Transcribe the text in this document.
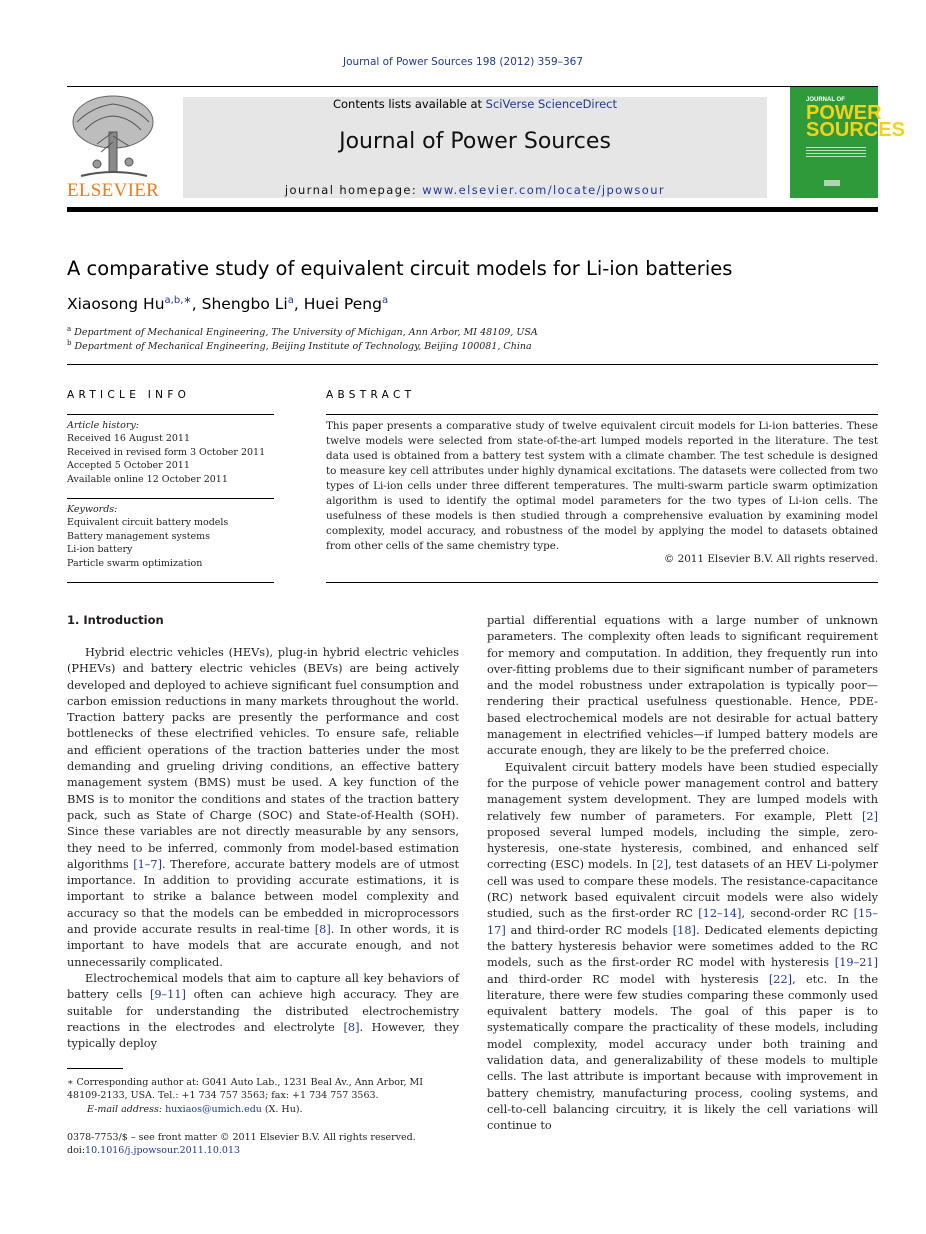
Journal of Power Sources 198 (2012) 359–367
ELSEVIER
Contents lists available at SciVerse ScienceDirect
Journal of Power Sources
journal homepage: www.elsevier.com/locate/jpowsour
JOURNAL OF
POWER
SOURCES
A comparative study of equivalent circuit models for Li-ion batteries
Xiaosong $Hu^{a,b,∗}$, Shengbo Li$^a$, Huei Peng$^a$
$^a$ Department of Mechanical Engineering, The University of Michigan, Ann Arbor, MI 48109, USA
$^b$ Department of Mechanical Engineering, Beijing Institute of Technology, Beijing 100081, China
ARTICLE INFO
Article history:
Received 16 August 2011
Received in revised form 3 October 2011
Accepted 5 October 2011
Available online 12 October 2011
Keywords:
Equivalent circuit battery models
Battery management systems
Li-ion battery
Particle swarm optimization
ABSTRACT
This paper presents a comparative study of twelve equivalent circuit models for Li-ion batteries. These twelve models were selected from state-of-the-art lumped models reported in the literature. The test data used is obtained from a battery test system with a climate chamber. The test schedule is designed to measure key cell attributes under highly dynamical excitations. The datasets were collected from two types of Li-ion cells under three different temperatures. The multi-swarm particle swarm optimization algorithm is used to identify the optimal model parameters for the two types of Li-ion cells. The usefulness of these models is then studied through a comprehensive evaluation by examining model complexity, model accuracy, and robustness of the model by applying the model to datasets obtained from other cells of the same chemistry type.
© 2011 Elsevier B.V. All rights reserved.
1. Introduction

Hybrid electric vehicles (HEVs), plug-in hybrid electric vehicles (PHEVs) and battery electric vehicles (BEVs) are being actively developed and deployed to achieve significant fuel consumption and carbon emission reductions in many markets throughout the world. Traction battery packs are presently the performance and cost bottlenecks of these electrified vehicles. To ensure safe, reliable and efficient operations of the traction batteries under the most demanding and grueling driving conditions, an effective battery management system (BMS) must be used. A key function of the BMS is to monitor the conditions and states of the traction battery pack, such as State of Charge (SOC) and State-of-Health (SOH). Since these variables are not directly measurable by any sensors, they need to be inferred, commonly from model-based estimation algorithms [1–7]. Therefore, accurate battery models are of utmost importance. In addition to providing accurate estimations, it is important to strike a balance between model complexity and accuracy so that the models can be embedded in microprocessors and provide accurate results in real-time [8]. In other words, it is important to have models that are accurate enough, and not unnecessarily complicated.

Electrochemical models that aim to capture all key behaviors of battery cells [9–11] often can achieve high accuracy. They are suitable for understanding the distributed electrochemistry reactions in the electrodes and electrolyte [8]. However, they typically deploy

partial differential equations with a large number of unknown parameters. The complexity often leads to significant requirement for memory and computation. In addition, they frequently run into over-fitting problems due to their significant number of parameters and the model robustness under extrapolation is typically poor—rendering their practical usefulness questionable. Hence, PDE-based electrochemical models are not desirable for actual battery management in electrified vehicles—if lumped battery models are accurate enough, they are likely to be the preferred choice.

Equivalent circuit battery models have been studied especially for the purpose of vehicle power management control and battery management system development. They are lumped models with relatively few number of parameters. For example, Plett [2] proposed several lumped models, including the simple, zero-hysteresis, one-state hysteresis, combined, and enhanced self correcting (ESC) models. In [2], test datasets of an HEV Li-polymer cell was used to compare these models. The resistance-capacitance (RC) network based equivalent circuit models were also widely studied, such as the first-order RC [12–14], second-order RC [15–17] and third-order RC models [18]. Dedicated elements depicting the battery hysteresis behavior were sometimes added to the RC models, such as the first-order RC model with hysteresis [19–21] and third-order RC model with hysteresis [22], etc. In the literature, there were few studies comparing these commonly used equivalent battery models. The goal of this paper is to systematically compare the practicality of these models, including model complexity, model accuracy under both training and validation data, and generalizability of these models to multiple cells. The last attribute is important because with improvement in battery chemistry, manufacturing process, cooling systems, and cell-to-cell balancing circuitry, it is likely the cell variations will continue to

∗ Corresponding author at: G041 Auto Lab., 1231 Beal Av., Ann Arbor, MI 48109-2133, USA. Tel.: +1 734 757 3563; fax: +1 734 757 3563.
E-mail address: huxiaos@umich.edu (X. Hu).
0378-7753/$ – see front matter © 2011 Elsevier B.V. All rights reserved.
doi:10.1016/j.jpowsour.2011.10.013
